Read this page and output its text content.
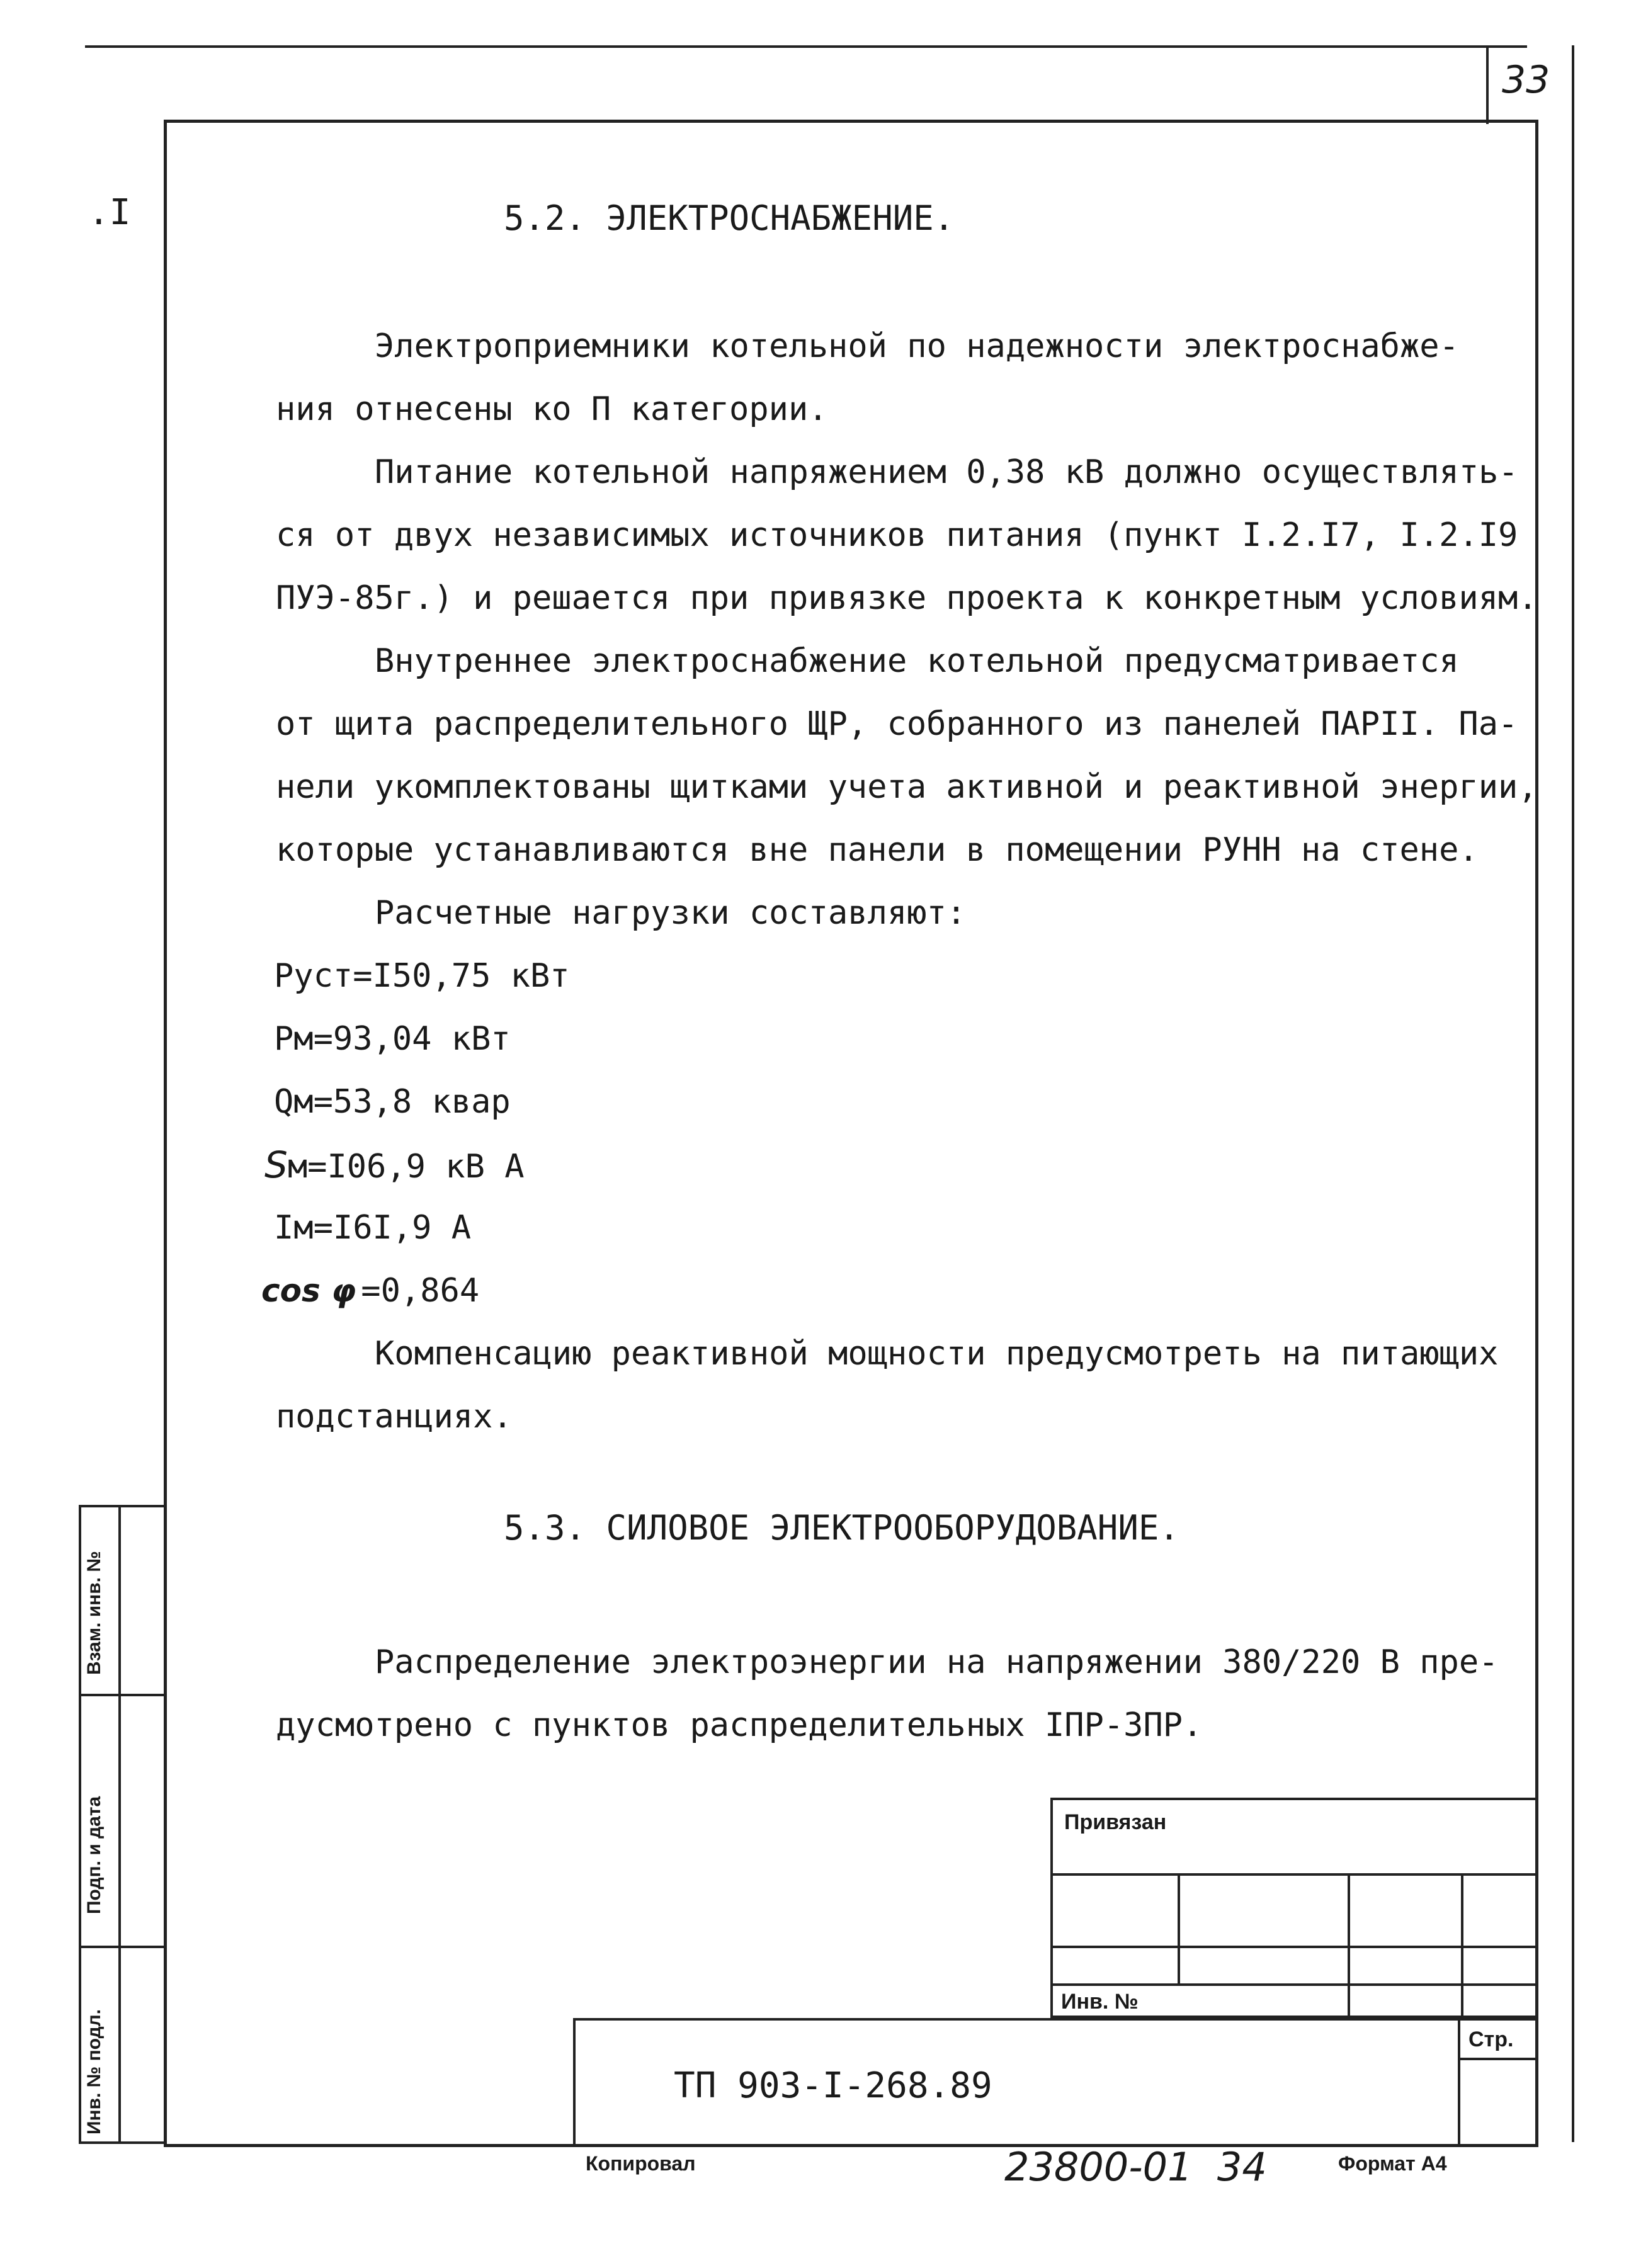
33
.I	5.2. ЭЛЕКТРОСНАБЖЕНИЕ.
Электроприемники котельной по надежности электроснабже-
ния отнесены ко П категории.
Питание котельной напряжением 0,38 кВ должно осуществлять-
ся от двух независимых источников питания (пункт I.2.I7, I.2.I9
ПУЭ-85г.) и решается при привязке проекта к конкретным условиям.
Внутреннее электроснабжение котельной предусматривается
от щита распределительного ЩР, собранного из панелей ПАРII. Па-
нели укомплектованы щитками учета активной и реактивной энергии,
которые устанавливаются вне панели в помещении РУНН на стене.
Расчетные нагрузки составляют:
Руст=I50,75 кВт
Рм=93,04 кВт
Qм=53,8 квар
Sм=I06,9 кВ А
Iм=I6I,9 А
cos φ =0,864
Компенсацию реактивной мощности предусмотреть на питающих
подстанциях.
5.3. СИЛОВОЕ ЭЛЕКТРООБОРУДОВАНИЕ.
Распределение электроэнергии на напряжении 380/220 В пре-
дусмотрено с пунктов распределительных IПР-3ПР.
Взам. инв. №
Подп. и дата
Инв. № подл.
Привязан
Инв. №
Стр.
ТП 903-I-268.89
Копировал	23800-01  34	Формат А4
